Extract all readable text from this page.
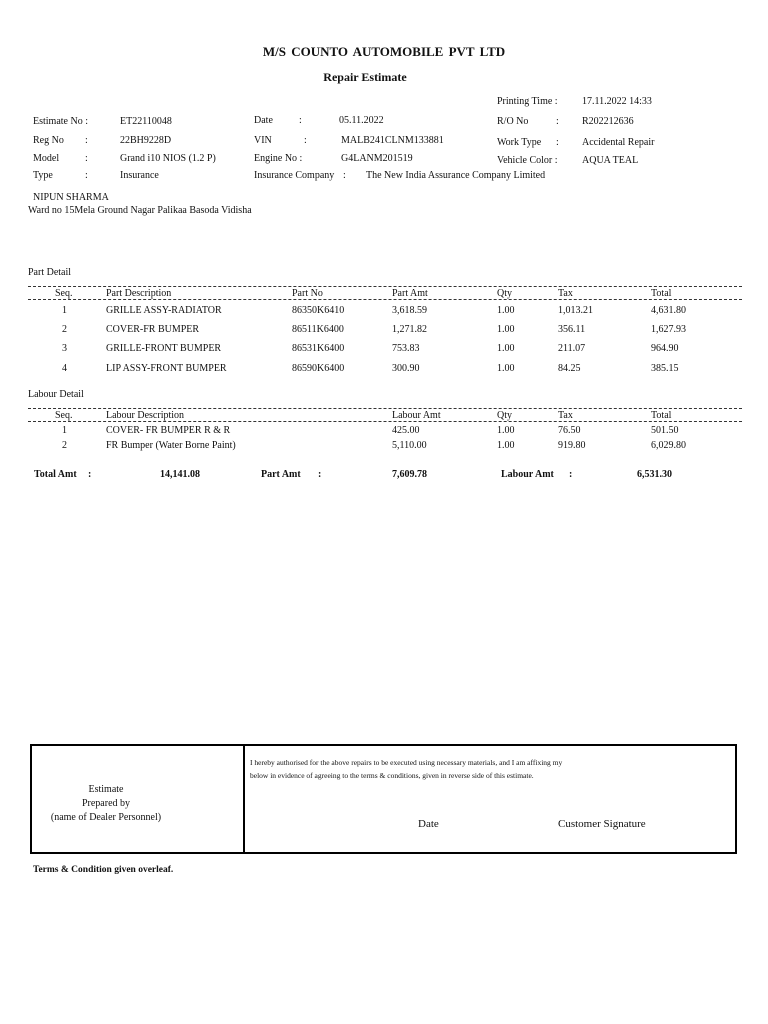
M/S COUNTO AUTOMOBILE PVT LTD
Repair Estimate
Printing Time : 17.11.2022 14:33
Estimate No :	ET22110048	Date	:	05.11.2022	R/O No	: R202212636
Reg No :	22BH9228D	VIN	:	MALB241CLNM133881	Work Type : Accidental Repair
Model	:	Grand i10 NIOS (1.2 P)	Engine No :	G4LANM201519	Vehicle Color : AQUA TEAL
Type	:	Insurance	Insurance Company : The New India Assurance Company Limited
NIPUN SHARMA
Ward no 15Mela Ground Nagar Palikaa Basoda Vidisha
Part Detail
Seq.	Part Description	Part No	Part Amt	Qty	Tax	Total
1	GRILLE ASSY-RADIATOR	86350K6410	3,618.59	1.00	1,013.21	4,631.80
2	COVER-FR BUMPER	86511K6400	1,271.82	1.00	356.11	1,627.93
3	GRILLE-FRONT BUMPER	86531K6400	753.83	1.00	211.07	964.90
4	LIP ASSY-FRONT BUMPER	86590K6400	300.90	1.00	84.25	385.15
Labour Detail
Seq.	Labour Description	Labour Amt	Qty	Tax	Total
1	COVER- FR BUMPER R & R	425.00	1.00	76.50	501.50
2	FR Bumper (Water Borne Paint)	5,110.00	1.00	919.80	6,029.80
Total Amt :	14,141.08	Part Amt :	7,609.78	Labour Amt :	6,531.30
Estimate
Prepared by
(name of Dealer Personnel)
I hereby authorised for the above repairs to be executed using necessary materials, and I am affixing my
below in evidence of agreeing to the terms & conditions, given in reverse side of this estimate.
Date	Customer Signature
Terms & Condition given overleaf.
